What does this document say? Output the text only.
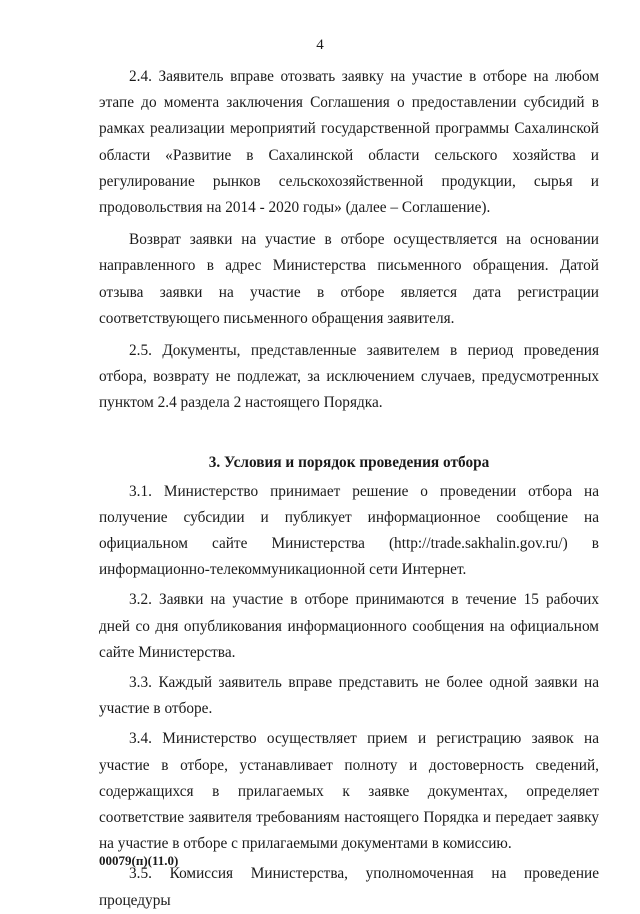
4

2.4. Заявитель вправе отозвать заявку на участие в отборе на любом этапе до момента заключения Соглашения о предоставлении субсидий в рамках реализации мероприятий государственной программы Сахалинской области «Развитие в Сахалинской области сельского хозяйства и регулирование рынков сельскохозяйственной продукции, сырья и продовольствия на 2014 - 2020 годы» (далее – Соглашение).

Возврат заявки на участие в отборе осуществляется на основании направленного в адрес Министерства письменного обращения. Датой отзыва заявки на участие в отборе является дата регистрации соответствующего письменного обращения заявителя.

2.5. Документы, представленные заявителем в период проведения отбора, возврату не подлежат, за исключением случаев, предусмотренных пунктом 2.4 раздела 2 настоящего Порядка.

3. Условия и порядок проведения отбора

3.1. Министерство принимает решение о проведении отбора на получение субсидии и публикует информационное сообщение на официальном сайте Министерства (http://trade.sakhalin.gov.ru/) в информационно-телекоммуникационной сети Интернет.

3.2. Заявки на участие в отборе принимаются в течение 15 рабочих дней со дня опубликования информационного сообщения на официальном сайте Министерства.

3.3. Каждый заявитель вправе представить не более одной заявки на участие в отборе.

3.4. Министерство осуществляет прием и регистрацию заявок на участие в отборе, устанавливает полноту и достоверность сведений, содержащихся в прилагаемых к заявке документах, определяет соответствие заявителя требованиям настоящего Порядка и передает заявку на участие в отборе с прилагаемыми документами в комиссию.

3.5. Комиссия Министерства, уполномоченная на проведение процедуры

00079(п)(11.0)
